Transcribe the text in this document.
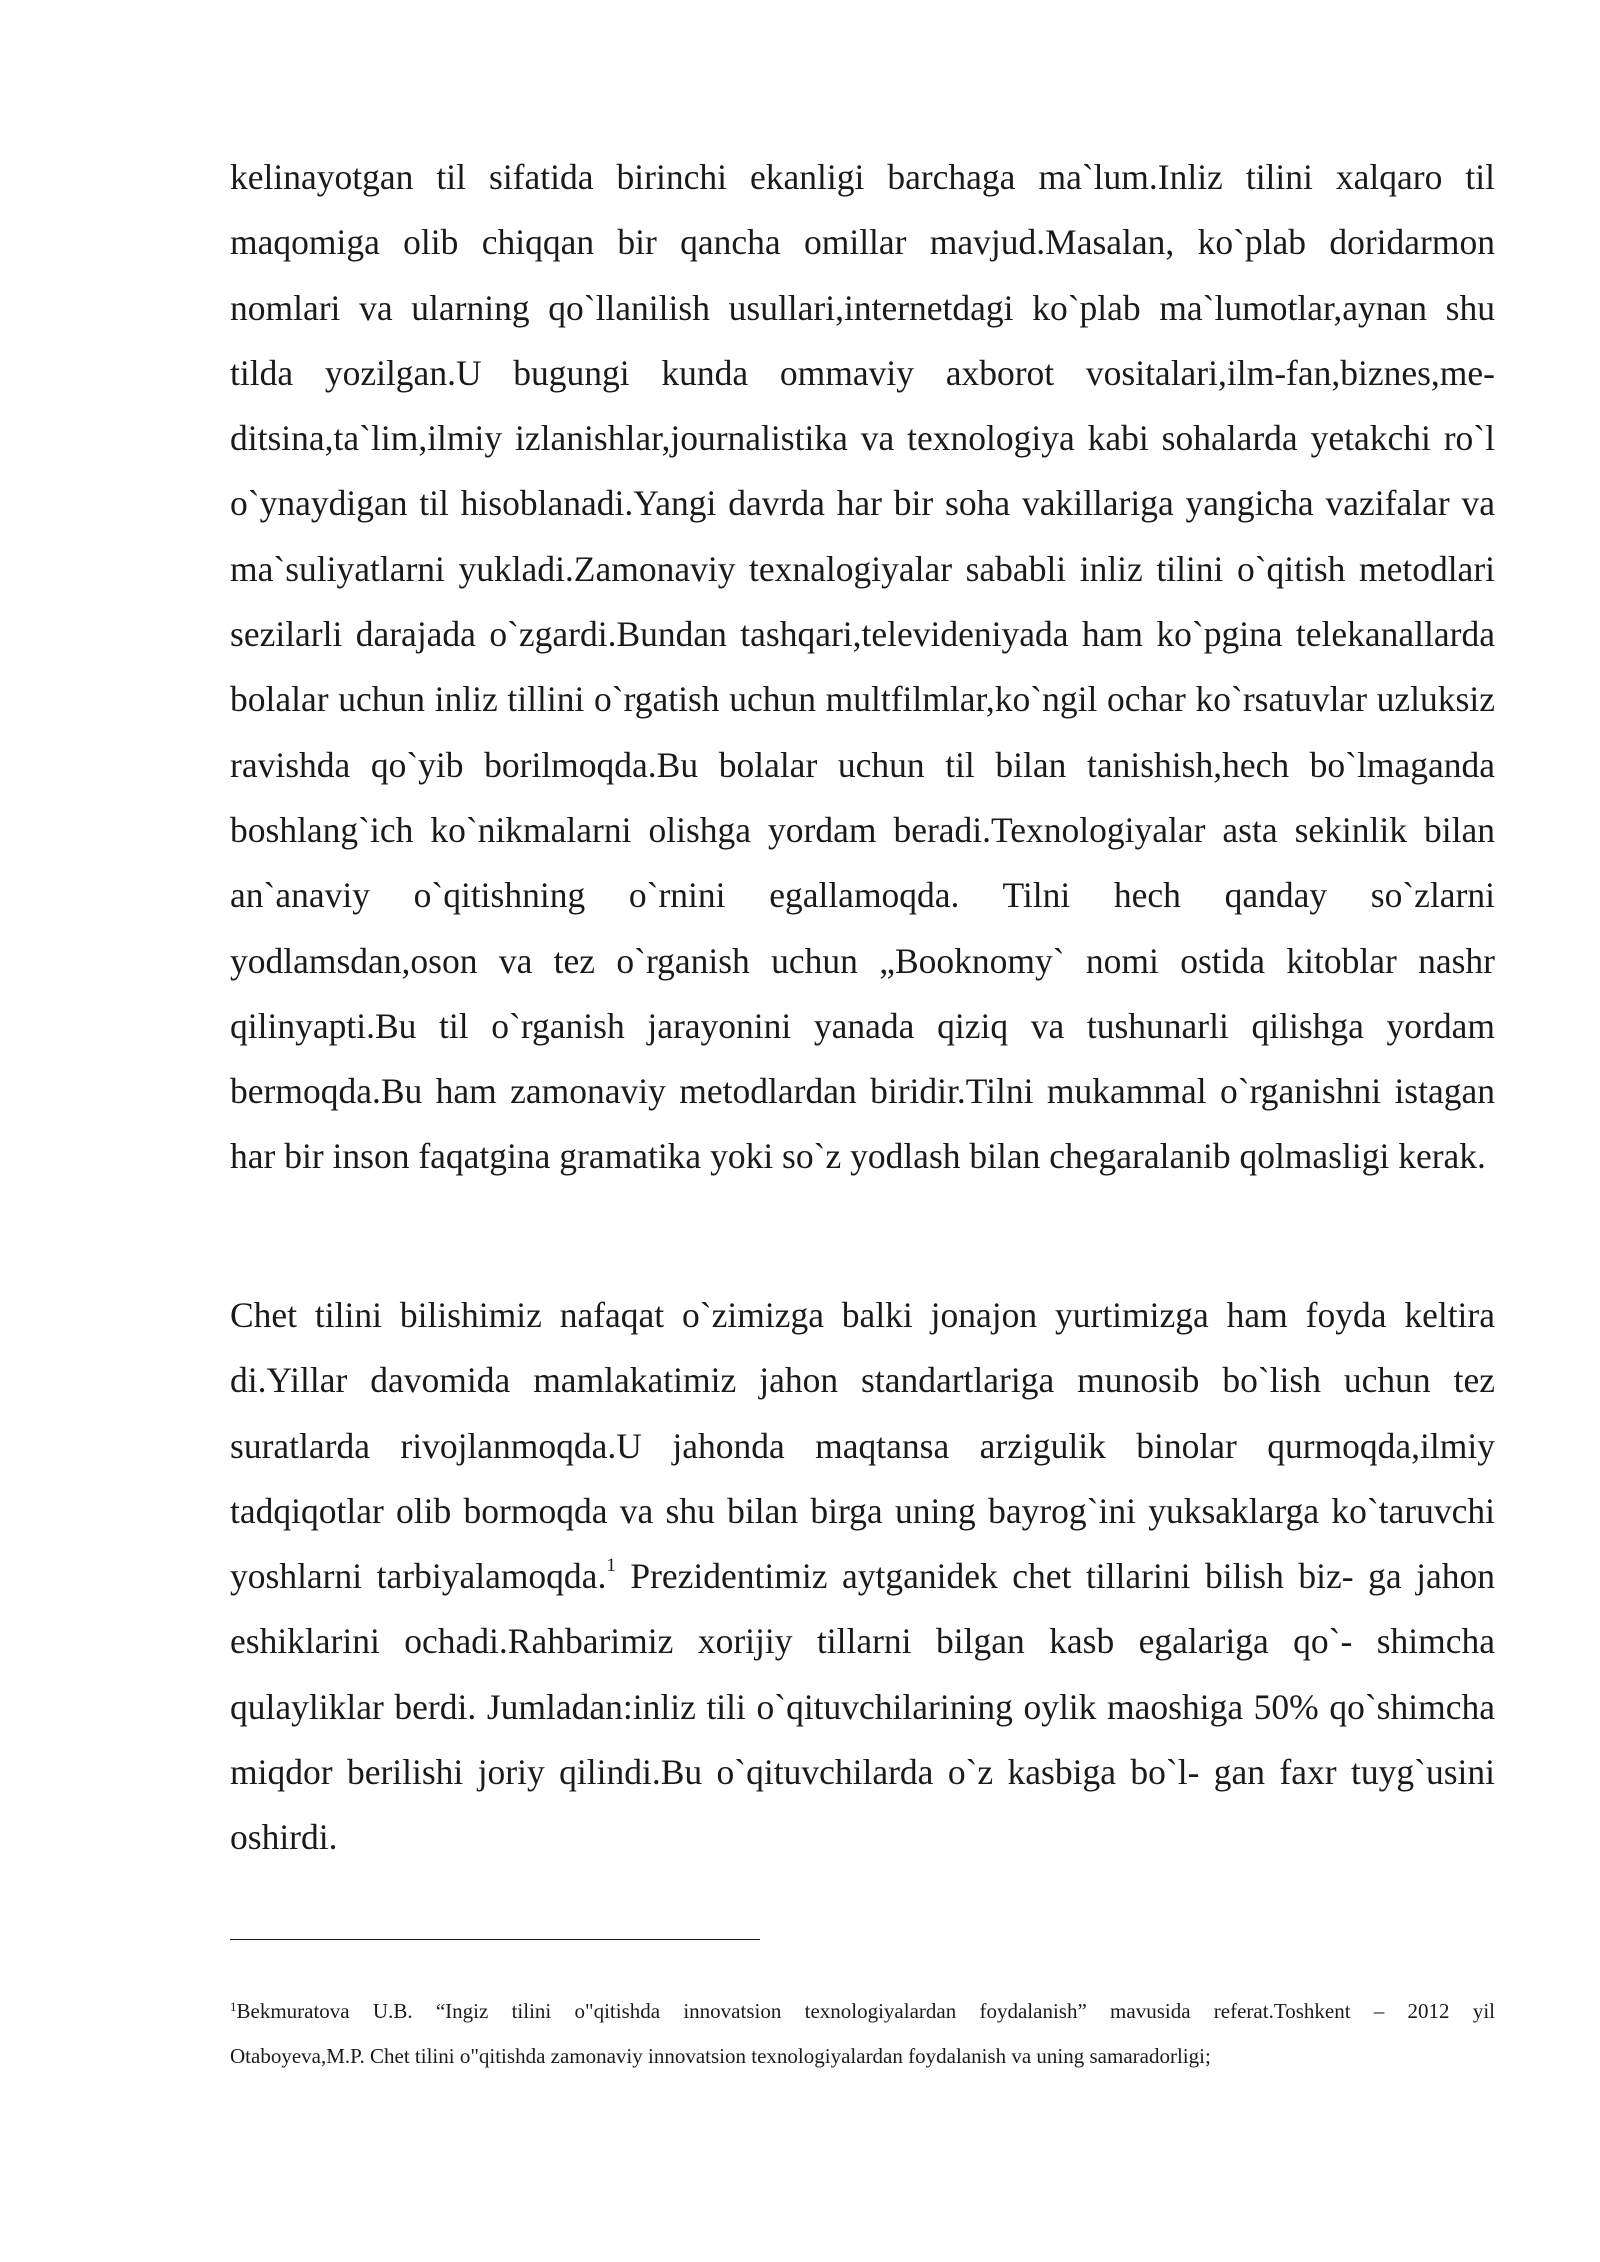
kelinayotgan til sifatida birinchi ekanligi barchaga ma`lum.Inliz tilini xalqaro til maqomiga olib chiqqan bir qancha omillar mavjud.Masalan, ko`plab doridarmon nomlari va ularning qo`llanilish usullari,internetdagi ko`plab ma`lumotlar,aynan shu tilda yozilgan.U bugungi kunda ommaviy axborot vositalari,ilm-fan,biznes,meditsina,ta`lim,ilmiy izlanishlar,journalistika va texnologiya kabi sohalarda yetakchi ro`l o`ynaydigan til hisoblanadi.Yangi davrda har bir soha vakillariga yangicha vazifalar va ma`suliyatlarni yukladi.Zamonaviy texnalogiyalar sababli inliz tilini o`qitish metodlari sezilarli darajada o`zgardi.Bundan tashqari,televideniyada ham ko`pgina telekanallarda bolalar uchun inliz tillini o`rgatish uchun multfilmlar,ko`ngil ochar ko`rsatuvlar uzluksiz ravishda qo`yib borilmoqda.Bu bolalar uchun til bilan tanishish,hech bo`lmaganda boshlang`ich ko`nikmalarni olishga yordam beradi.Texnologiyalar asta sekinlik bilan an`anaviy o`qitishning o`rnini egallamoqda. Tilni hech qanday so`zlarni yodlamsdan,oson va tez o`rganish uchun „Booknomy` nomi ostida kitoblar nashr qilinyapti.Bu til o`rganish jarayonini yanada qiziq va tushunarli qilishga yordam bermoqda.Bu ham zamonaviy metodlardan biridir.Tilni mukammal o`rganishni istagan har bir inson faqatgina gramatika yoki so`z yodlash bilan chegaralanib qolmasligi kerak.

Chet tilini bilishimiz nafaqat o`zimizga balki jonajon yurtimizga ham foyda keltira di.Yillar davomida mamlakatimiz jahon standartlariga munosib bo`lish uchun tez suratlarda rivojlanmoqda.U jahonda maqtansa arzigulik binolar qurmoqda,ilmiy tadqiqotlar olib bormoqda va shu bilan birga uning bayrog`ini yuksaklarga ko`taruvchi yoshlarni tarbiyalamoqda.$^1$ Prezidentimiz aytganidek chet tillarini bilish biz- ga jahon eshiklarini ochadi.Rahbarimiz xorijiy tillarni bilgan kasb egalariga qo`- shimcha qulayliklar berdi. Jumladan:inliz tili o`qituvchilarining oylik maoshiga 50% qo`shimcha miqdor berilishi joriy qilindi.Bu o`qituvchilarda o`z kasbiga bo`l- gan faxr tuyg`usini oshirdi.

$^1$Bekmuratova U.B. “Ingiz tilini o"qitishda innovatsion texnologiyalardan foydalanish” mavusida referat.Toshkent – 2012 yil
Otaboyeva,M.P. Chet tilini o"qitishda zamonaviy innovatsion texnologiyalardan foydalanish va uning samaradorligi;
